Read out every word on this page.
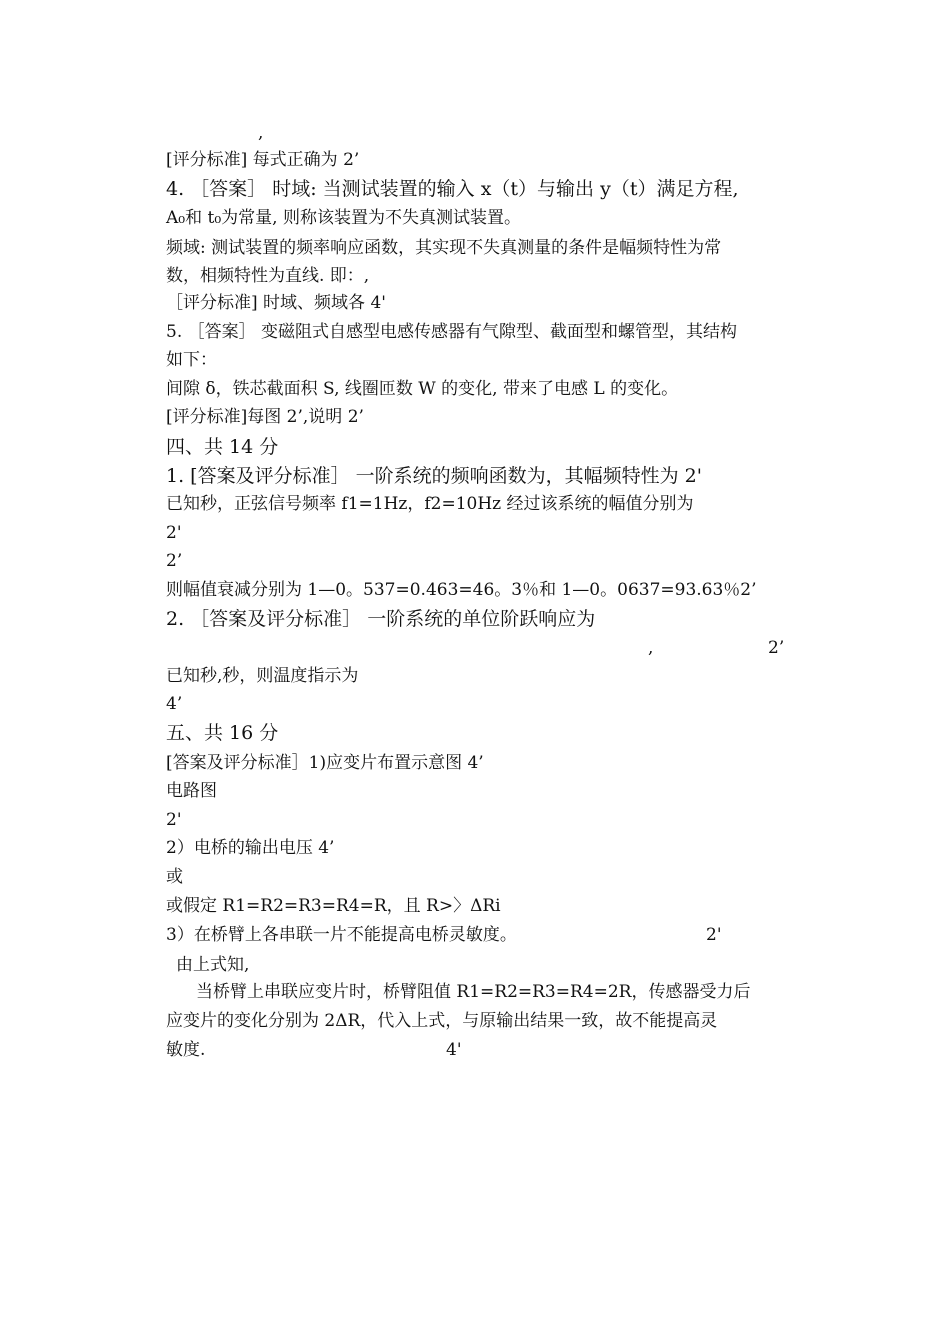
,
[评分标准] 每式正确为 2’
4. ［答案］ 时域: 当测试装置的输入 x（t）与输出 y（t）满足方程,
A₀和 t₀为常量, 则称该装置为不失真测试装置。
频域: 测试装置的频率响应函数，其实现不失真测量的条件是幅频特性为常
数，相频特性为直线. 即：,
［评分标准] 时域、频域各 4'
5. ［答案］ 变磁阻式自感型电感传感器有气隙型、截面型和螺管型，其结构
如下：
间隙 δ，铁芯截面积 S, 线圈匝数 W 的变化, 带来了电感 L 的变化。
[评分标准]每图 2’,说明 2’
四、共 14 分
1. [答案及评分标准］ 一阶系统的频响函数为，其幅频特性为 2'
已知秒，正弦信号频率 f1=1Hz，f2=10Hz 经过该系统的幅值分别为
2'
2’
则幅值衰减分别为 1—0。537=0.463=46。3％和 1—0。0637=93.63％2’
2. ［答案及评分标准］ 一阶系统的单位阶跃响应为
,	2’
已知秒,秒，则温度指示为
4’
五、共 16 分
[答案及评分标准］1)应变片布置示意图 4’
电路图
2'
2）电桥的输出电压 4’
或
或假定 R1=R2=R3=R4=R，且 R>〉ΔRi
3）在桥臂上各串联一片不能提高电桥灵敏度。	2'
由上式知,
当桥臂上串联应变片时，桥臂阻值 R1=R2=R3=R4=2R，传感器受力后
应变片的变化分别为 2ΔR，代入上式，与原输出结果一致，故不能提高灵
敏度.	4'
